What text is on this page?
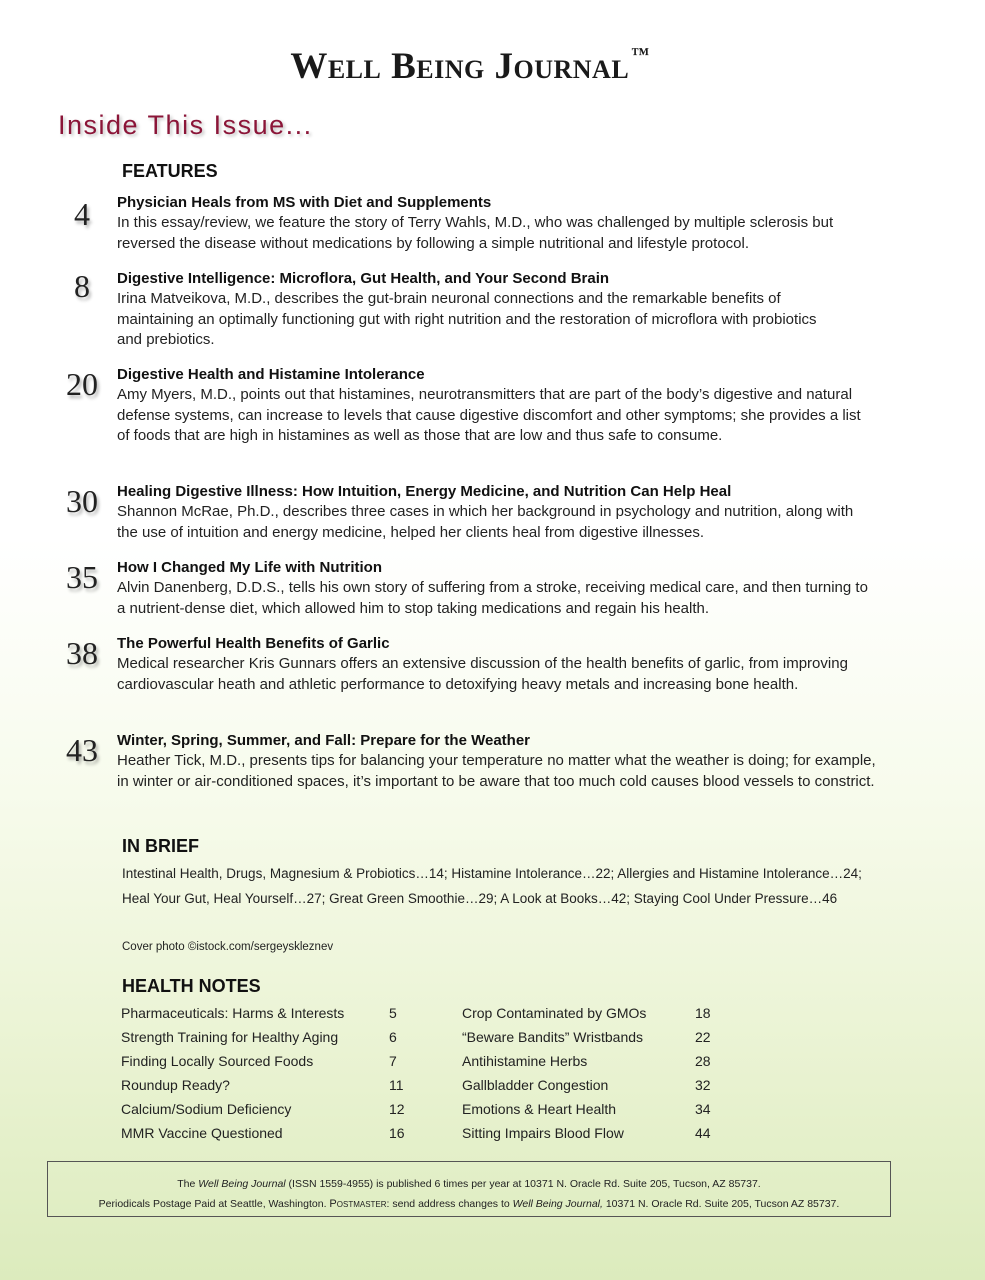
Well Being Journal ™
Inside This Issue...
FEATURES
4	Physician Heals from MS with Diet and Supplements
In this essay/review, we feature the story of Terry Wahls, M.D., who was challenged by multiple sclerosis but reversed the disease without medications by following a simple nutritional and lifestyle protocol.
8	Digestive Intelligence: Microflora, Gut Health, and Your Second Brain
Irina Matveikova, M.D., describes the gut-brain neuronal connections and the remarkable benefits of maintaining an optimally functioning gut with right nutrition and the restoration of microflora with probiotics and prebiotics.
20	Digestive Health and Histamine Intolerance
Amy Myers, M.D., points out that histamines, neurotransmitters that are part of the body’s digestive and natural defense systems, can increase to levels that cause digestive discomfort and other symptoms; she provides a list of foods that are high in histamines as well as those that are low and thus safe to consume.
30	Healing Digestive Illness: How Intuition, Energy Medicine, and Nutrition Can Help Heal
Shannon McRae, Ph.D., describes three cases in which her background in psychology and nutrition, along with the use of intuition and energy medicine, helped her clients heal from digestive illnesses.
35	How I Changed My Life with Nutrition
Alvin Danenberg, D.D.S., tells his own story of suffering from a stroke, receiving medical care, and then turning to a nutrient-dense diet, which allowed him to stop taking medications and regain his health.
38	The Powerful Health Benefits of Garlic
Medical researcher Kris Gunnars offers an extensive discussion of the health benefits of garlic, from improving cardiovascular heath and athletic performance to detoxifying heavy metals and increasing bone health.
43	Winter, Spring, Summer, and Fall: Prepare for the Weather
Heather Tick, M.D., presents tips for balancing your temperature no matter what the weather is doing; for example, in winter or air-conditioned spaces, it’s important to be aware that too much cold causes blood vessels to constrict.
IN BRIEF
Intestinal Health, Drugs, Magnesium & Probiotics…14; Histamine Intolerance…22; Allergies and Histamine Intolerance…24; Heal Your Gut, Heal Yourself…27; Great Green Smoothie…29; A Look at Books…42; Staying Cool Under Pressure…46
Cover photo ©istock.com/sergeyskleznev
HEALTH NOTES
Pharmaceuticals: Harms & Interests	5	Crop Contaminated by GMOs	18
Strength Training for Healthy Aging	6	“Beware Bandits” Wristbands	22
Finding Locally Sourced Foods	7	Antihistamine Herbs	28
Roundup Ready?	11	Gallbladder Congestion	32
Calcium/Sodium Deficiency	12	Emotions & Heart Health	34
MMR Vaccine Questioned	16	Sitting Impairs Blood Flow	44
The Well Being Journal (ISSN 1559-4955) is published 6 times per year at 10371 N. Oracle Rd. Suite 205, Tucson, AZ 85737.
Periodicals Postage Paid at Seattle, Washington. Postmaster: send address changes to Well Being Journal, 10371 N. Oracle Rd. Suite 205, Tucson AZ 85737.
